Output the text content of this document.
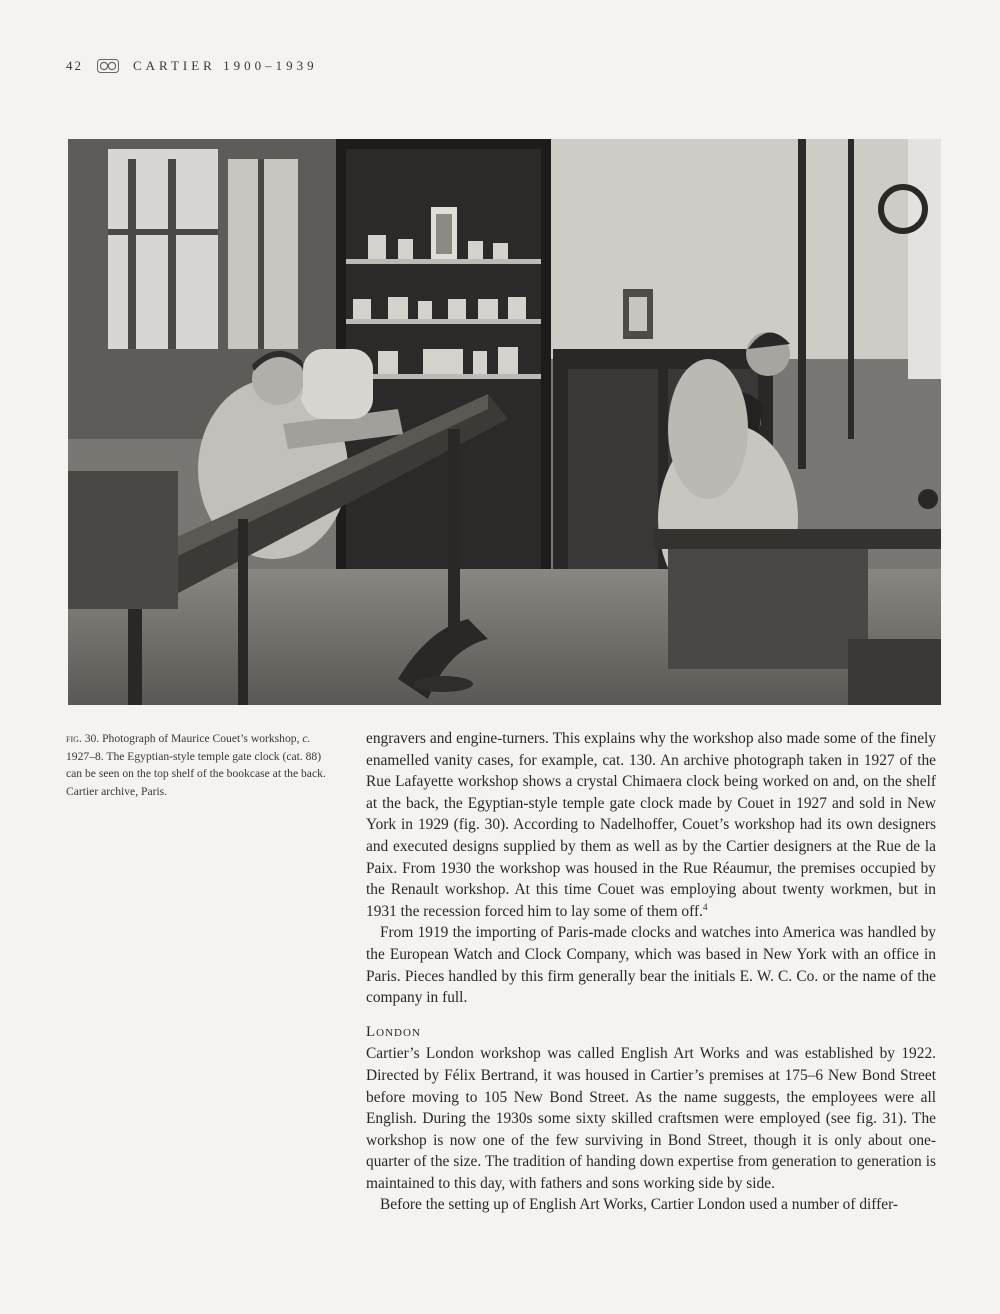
42	CARTIER 1900–1939
fig. 30. Photograph of Maurice Couet’s workshop, c. 1927–8. The Egyptian-style temple gate clock (cat. 88) can be seen on the top shelf of the bookcase at the back. Cartier archive, Paris.

engravers and engine-turners. This explains why the workshop also made some of the finely enamelled vanity cases, for example, cat. 130. An archive photograph taken in 1927 of the Rue Lafayette workshop shows a crystal Chimaera clock being worked on and, on the shelf at the back, the Egyptian-style temple gate clock made by Couet in 1927 and sold in New York in 1929 (fig. 30). According to Nadelhoffer, Couet’s workshop had its own designers and executed designs supplied by them as well as by the Cartier designers at the Rue de la Paix. From 1930 the workshop was housed in the Rue Réaumur, the premises occupied by the Renault workshop. At this time Couet was employing about twenty workmen, but in 1931 the recession forced him to lay some of them off.$^4$

From 1919 the importing of Paris-made clocks and watches into America was handled by the European Watch and Clock Company, which was based in New York with an office in Paris. Pieces handled by this firm generally bear the initials E. W. C. Co. or the name of the company in full.

London

Cartier’s London workshop was called English Art Works and was established by 1922. Directed by Félix Bertrand, it was housed in Cartier’s premises at 175–6 New Bond Street before moving to 105 New Bond Street. As the name suggests, the employees were all English. During the 1930s some sixty skilled craftsmen were employed (see fig. 31). The workshop is now one of the few surviving in Bond Street, though it is only about one-quarter of the size. The tradition of handing down expertise from generation to generation is maintained to this day, with fathers and sons working side by side.

Before the setting up of English Art Works, Cartier London used a number of differ-
